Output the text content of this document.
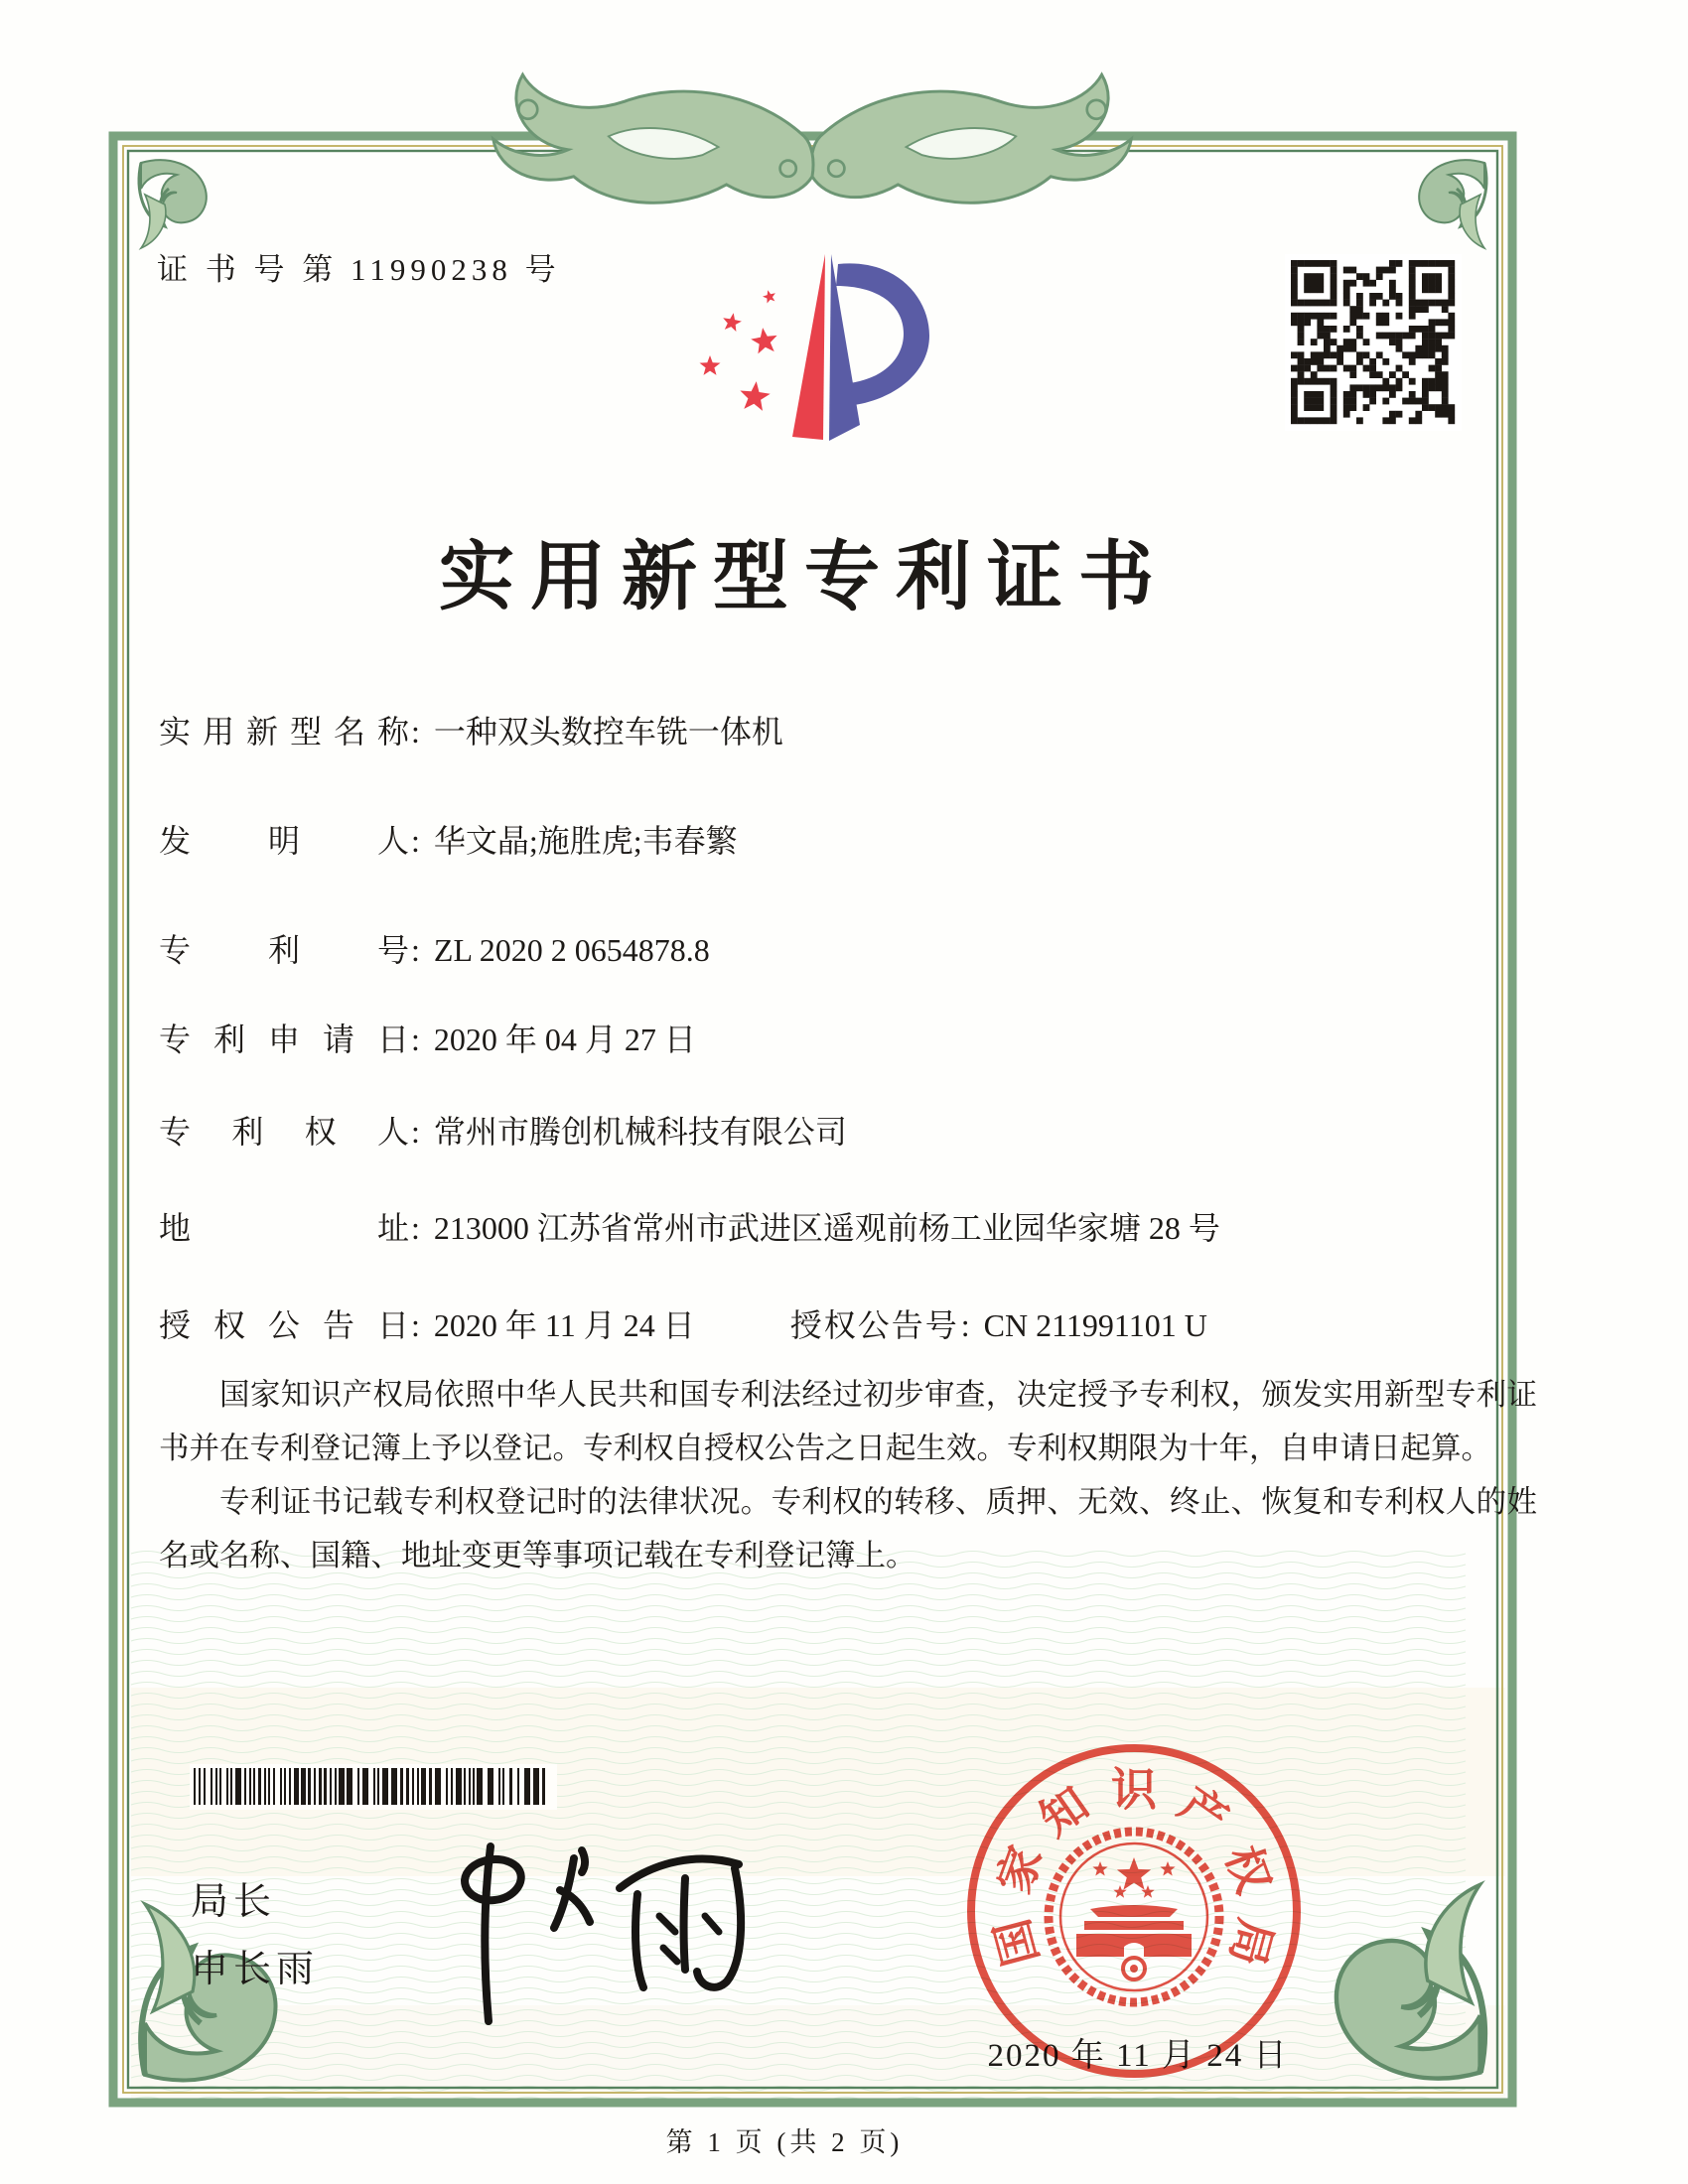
证 书 号 第 11990238 号
实用新型专利证书
实用新型名称: 一种双头数控车铣一体机
发明人: 华文晶;施胜虎;韦春繁
专利号: ZL 2020 2 0654878.8
专利申请日: 2020 年 04 月 27 日
专利权人: 常州市腾创机械科技有限公司
地址: 213000 江苏省常州市武进区遥观前杨工业园华家塘 28 号
授权公告日: 2020 年 11 月 24 日	授权公告号: CN 211991101 U

国家知识产权局依照中华人民共和国专利法经过初步审查，决定授予专利权，颁发实用新型专利证书并在专利登记簿上予以登记。专利权自授权公告之日起生效。专利权期限为十年，自申请日起算。

专利证书记载专利权登记时的法律状况。专利权的转移、质押、无效、终止、恢复和专利权人的姓名或名称、国籍、地址变更等事项记载在专利登记簿上。

局长
申长雨
2020 年 11 月 24 日
第 1 页 (共 2 页)
国
家
知 识 产
权
局
